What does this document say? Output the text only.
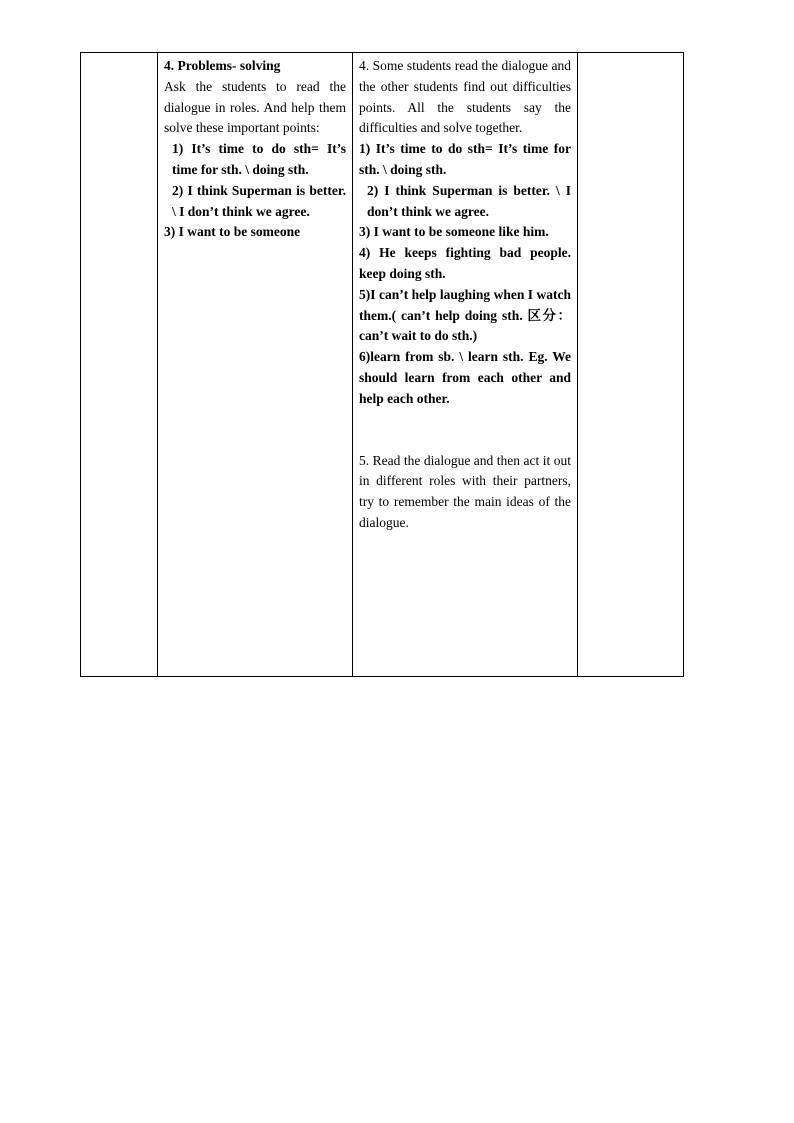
4. Problems- solving

Ask the students to read the dialogue in roles. And help them solve these important points:

1) It’s time to do sth= It’s time for sth. \ doing sth.

2) I think Superman is better. \ I don’t think we agree.

3) I want to be someone

4. Some students read the dialogue and the other students find out difficulties points. All the students say the difficulties and solve together.

1) It’s time to do sth= It’s time for sth. \ doing sth.

2) I think Superman is better. \ I don’t think we agree.

3) I want to be someone like him.

4) He keeps fighting bad people. keep doing sth.

5)I can’t help laughing when I watch them.( can’t help doing sth. 区分：can’t wait to do sth.)

6)learn from sb. \ learn sth. Eg. We should learn from each other and help each other.

5. Read the dialogue and then act it out in different roles with their partners, try to remember the main ideas of the dialogue.
